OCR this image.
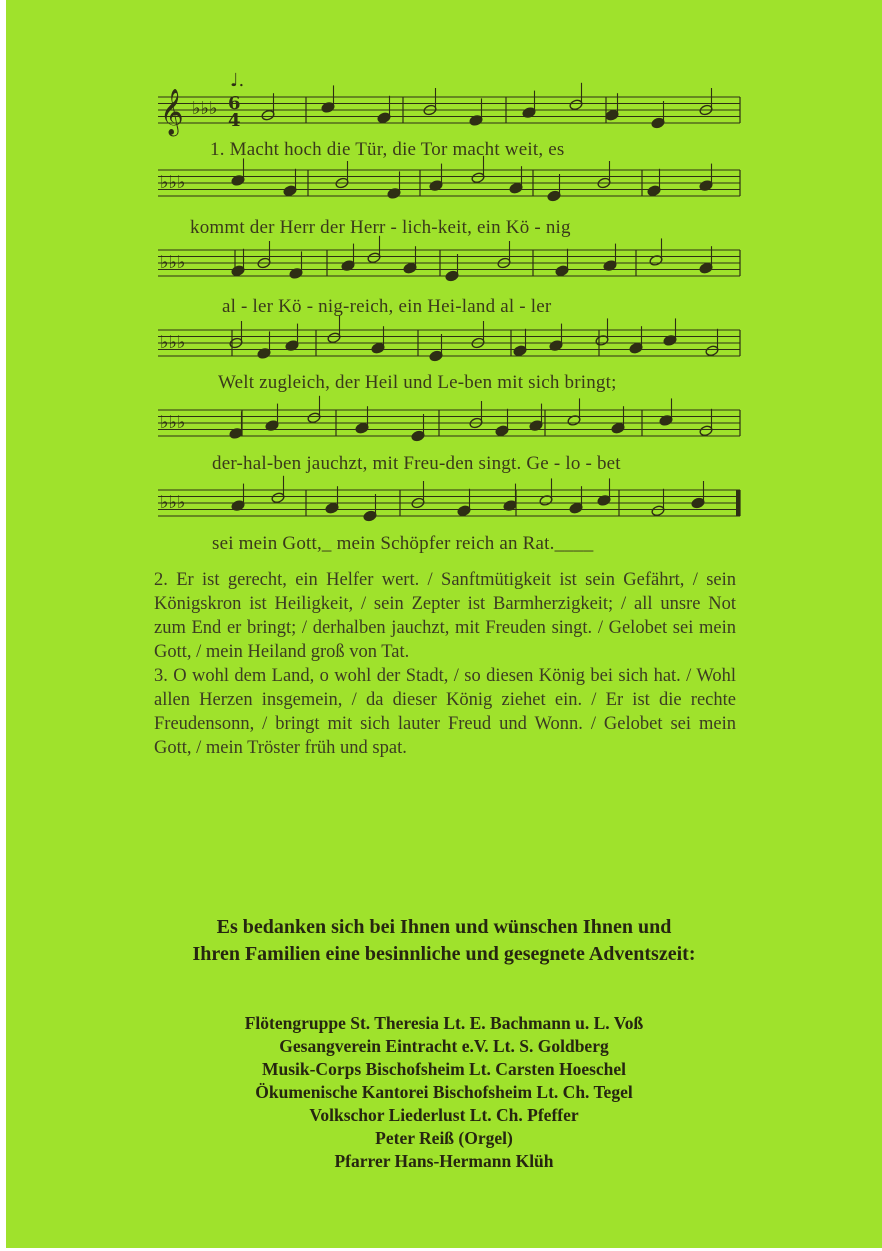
♩.
6
4
𝄞 ♭♭♭
♭♭♭
♭♭♭
♭♭♭
♭♭♭
♭♭♭
1. Macht hoch die Tür, die Tor macht weit, es
kommt der Herr der Herr - lich-keit, ein Kö - nig
al - ler Kö - nig-reich, ein Hei-land al - ler
Welt zugleich, der Heil und Le-ben mit sich bringt;
der-hal-ben jauchzt, mit Freu-den singt. Ge - lo - bet
sei mein Gott,_ mein Schöpfer reich an Rat.____

2. Er ist gerecht, ein Helfer wert. / Sanftmütigkeit ist sein Gefährt, / sein Königskron ist Heiligkeit, / sein Zepter ist Barmherzigkeit; / all unsre Not zum End er bringt; / derhalben jauchzt, mit Freuden singt. / Gelobet sei mein Gott, / mein Heiland groß von Tat.

3. O wohl dem Land, o wohl der Stadt, / so diesen König bei sich hat. / Wohl allen Herzen insgemein, / da dieser König ziehet ein. / Er ist die rechte Freudensonn, / bringt mit sich lauter Freud und Wonn. / Gelobet sei mein Gott, / mein Tröster früh und spat.

Es bedanken sich bei Ihnen und wünschen Ihnen und
Ihren Familien eine besinnliche und gesegnete Adventszeit:
Flötengruppe St. Theresia Lt. E. Bachmann u. L. Voß
Gesangverein Eintracht e.V. Lt. S. Goldberg
Musik-Corps Bischofsheim Lt. Carsten Hoeschel
Ökumenische Kantorei Bischofsheim Lt. Ch. Tegel
Volkschor Liederlust Lt. Ch. Pfeffer
Peter Reiß (Orgel)
Pfarrer Hans-Hermann Klüh
